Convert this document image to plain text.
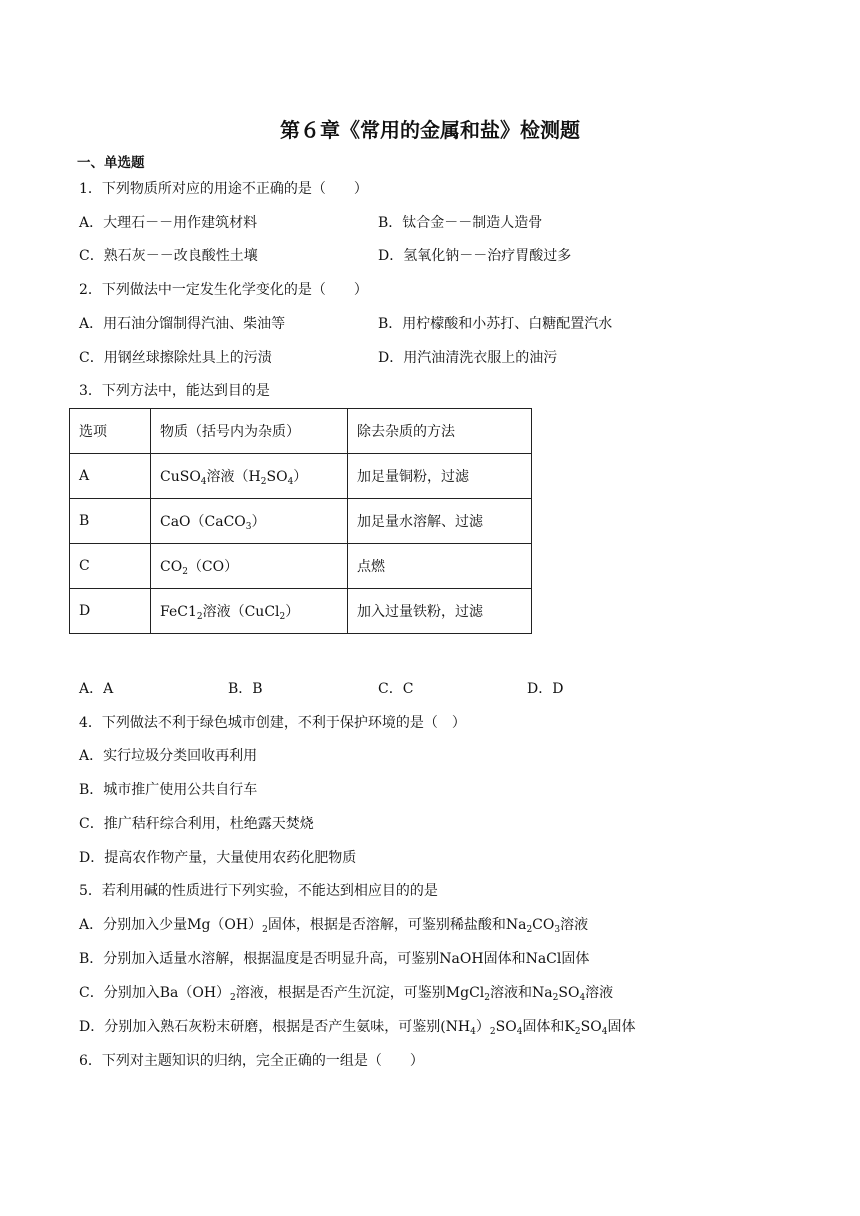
第６章《常用的金属和盐》检测题
一、单选题
1．下列物质所对应的用途不正确的是（　　）
A．大理石－－用作建筑材料	B．钛合金－－制造人造骨
C．熟石灰－－改良酸性土壤	D．氢氧化钠－－治疗胃酸过多
2．下列做法中一定发生化学变化的是（　　）
A．用石油分馏制得汽油、柴油等	B．用柠檬酸和小苏打、白糖配置汽水
C．用钢丝球擦除灶具上的污渍	D．用汽油清洗衣服上的油污
3．下列方法中，能达到目的是
选项	物质（括号内为杂质）	除去杂质的方法
A	CuSO$_4$溶液$(H_2SO_4)$	加足量铜粉，过滤
B	CaO（CaCO$_3$）	加足量水溶解、过滤
C	$CO_2(CO)$	点燃
D	$FeC1_2$溶液（CuCl$_2$）	加入过量铁粉，过滤
A．A	B．B	C．C	D．D
4．下列做法不利于绿色城市创建，不利于保护环境的是（　）
A．实行垃圾分类回收再利用
B．城市推广使用公共自行车
C．推广秸秆综合利用，杜绝露天焚烧
D．提高农作物产量，大量使用农药化肥物质
5．若利用碱的性质进行下列实验，不能达到相应目的的是
A．分别加入少量$Mg(OH)_2$固体，根据是否溶解，可鉴别稀盐酸和$Na_2CO_3$溶液
B．分别加入适量水溶解，根据温度是否明显升高，可鉴别NaOH固体和NaCl固体
C．分别加入$Ba(OH)_2$溶液，根据是否产生沉淀，可鉴别MgCl$_2$溶液和$Na_2SO_4$溶液
D．分别加入熟石灰粉末研磨，根据是否产生氨味，可鉴别$(NH_4)_2SO_4$固体和$K_2SO_4$固体
6．下列对主题知识的归纳，完全正确的一组是（　　）
